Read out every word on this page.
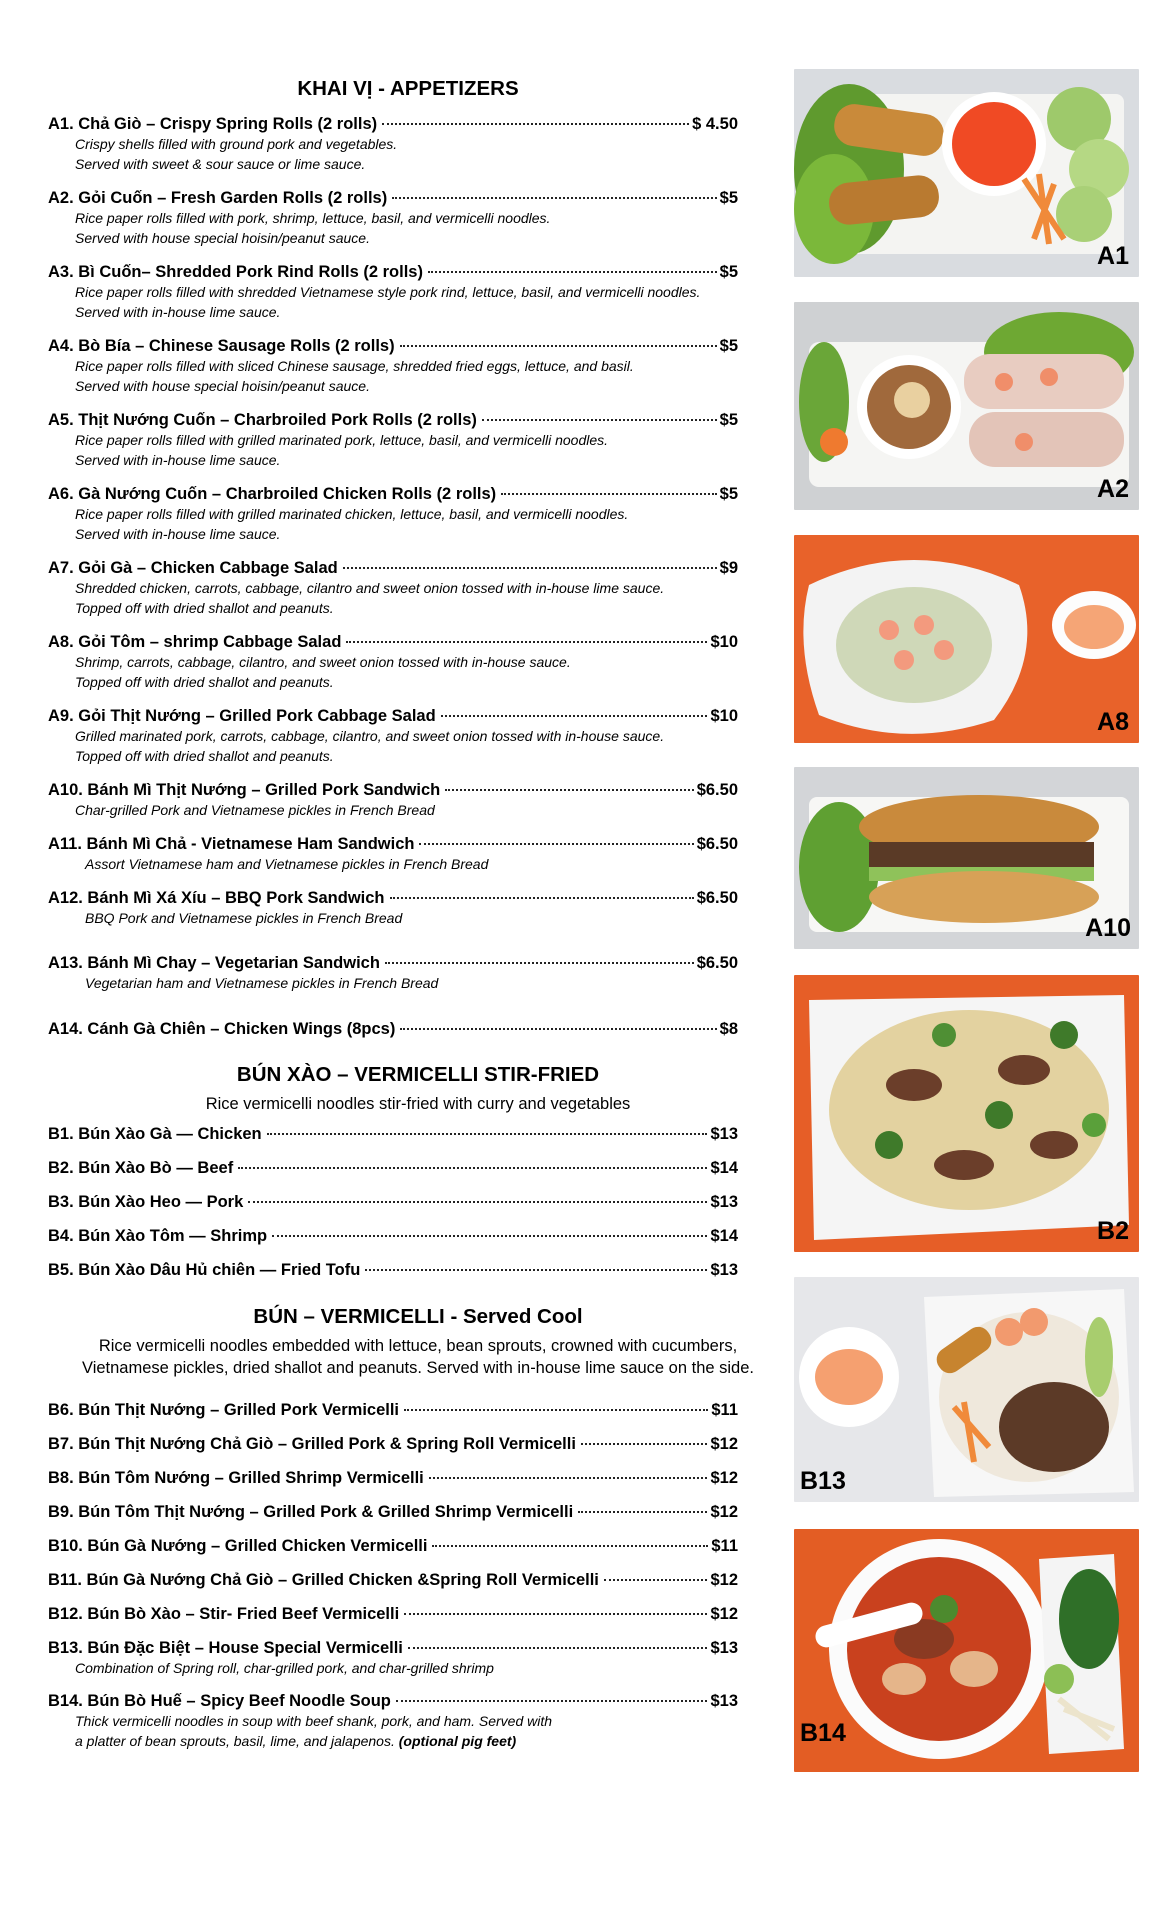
KHAI VỊ - APPETIZERS
A1. Chả Giò – Crispy Spring Rolls (2 rolls)	$ 4.50
Crispy shells filled with ground pork and vegetables.
Served with sweet & sour sauce or lime sauce.
A2. Gỏi Cuốn – Fresh Garden Rolls (2 rolls)	$5
Rice paper rolls filled with pork, shrimp, lettuce, basil, and vermicelli noodles.
Served with house special hoisin/peanut sauce.
A3. Bì Cuốn– Shredded Pork Rind Rolls (2 rolls)	$5
Rice paper rolls filled with shredded Vietnamese style pork rind, lettuce, basil, and vermicelli noodles.
Served with in-house lime sauce.
A4. Bò Bía – Chinese Sausage Rolls (2 rolls)	$5
Rice paper rolls filled with sliced Chinese sausage, shredded fried eggs, lettuce, and basil.
Served with house special hoisin/peanut sauce.
A5. Thịt Nướng Cuốn – Charbroiled Pork Rolls (2 rolls)	$5
Rice paper rolls filled with grilled marinated pork, lettuce, basil, and vermicelli noodles.
Served with in-house lime sauce.
A6. Gà Nướng Cuốn – Charbroiled Chicken Rolls (2 rolls)	$5
Rice paper rolls filled with grilled marinated chicken, lettuce, basil, and vermicelli noodles.
Served with in-house lime sauce.
A7. Gỏi Gà – Chicken Cabbage Salad	$9
Shredded chicken, carrots, cabbage, cilantro and sweet onion tossed with in-house lime sauce.
Topped off with dried shallot and peanuts.
A8. Gỏi Tôm – shrimp Cabbage Salad	$10
Shrimp, carrots, cabbage, cilantro, and sweet onion tossed with in-house sauce.
Topped off with dried shallot and peanuts.
A9. Gỏi Thịt Nướng – Grilled Pork Cabbage Salad	$10
Grilled marinated pork, carrots, cabbage, cilantro, and sweet onion tossed with in-house sauce.
Topped off with dried shallot and peanuts.
A10. Bánh Mì Thịt Nướng – Grilled Pork Sandwich	$6.50
Char-grilled Pork and Vietnamese pickles in French Bread
A11. Bánh Mì Chả - Vietnamese Ham Sandwich	$6.50
Assort Vietnamese ham and Vietnamese pickles in French Bread
A12. Bánh Mì Xá Xíu – BBQ Pork Sandwich	$6.50
BBQ Pork and Vietnamese pickles in French Bread
A13. Bánh Mì Chay – Vegetarian Sandwich	$6.50
Vegetarian ham and Vietnamese pickles in French Bread
A14. Cánh Gà Chiên – Chicken Wings (8pcs)	$8
BÚN XÀO – VERMICELLI STIR-FRIED

Rice vermicelli noodles stir-fried with curry and vegetables

B1. Bún Xào Gà — Chicken	$13
B2. Bún Xào Bò — Beef	$14
B3. Bún Xào Heo — Pork	$13
B4. Bún Xào Tôm — Shrimp	$14
B5. Bún Xào Dâu Hủ chiên — Fried Tofu	$13
BÚN – VERMICELLI - Served Cool

Rice vermicelli noodles embedded with lettuce, bean sprouts, crowned with cucumbers,

Vietnamese pickles, dried shallot and peanuts. Served with in-house lime sauce on the side.

B6. Bún Thịt Nướng – Grilled Pork Vermicelli	$11
B7. Bún Thịt Nướng Chả Giò – Grilled Pork & Spring Roll Vermicelli	$12
B8. Bún Tôm Nướng – Grilled Shrimp Vermicelli	$12
B9. Bún Tôm Thịt Nướng – Grilled Pork & Grilled Shrimp Vermicelli	$12
B10. Bún Gà Nướng – Grilled Chicken Vermicelli	$11
B11. Bún Gà Nướng Chả Giò – Grilled Chicken &Spring Roll Vermicelli	$12
B12. Bún Bò Xào – Stir- Fried Beef Vermicelli	$12
B13. Bún Đặc Biệt – House Special Vermicelli	$13
Combination of Spring roll, char-grilled pork, and char-grilled shrimp
B14. Bún Bò Huế – Spicy Beef Noodle Soup	$13
Thick vermicelli noodles in soup with beef shank, pork, and ham. Served with
a platter of bean sprouts, basil, lime, and jalapenos. (optional pig feet)
A1
A2
A8
A10
B2
B13
B14
